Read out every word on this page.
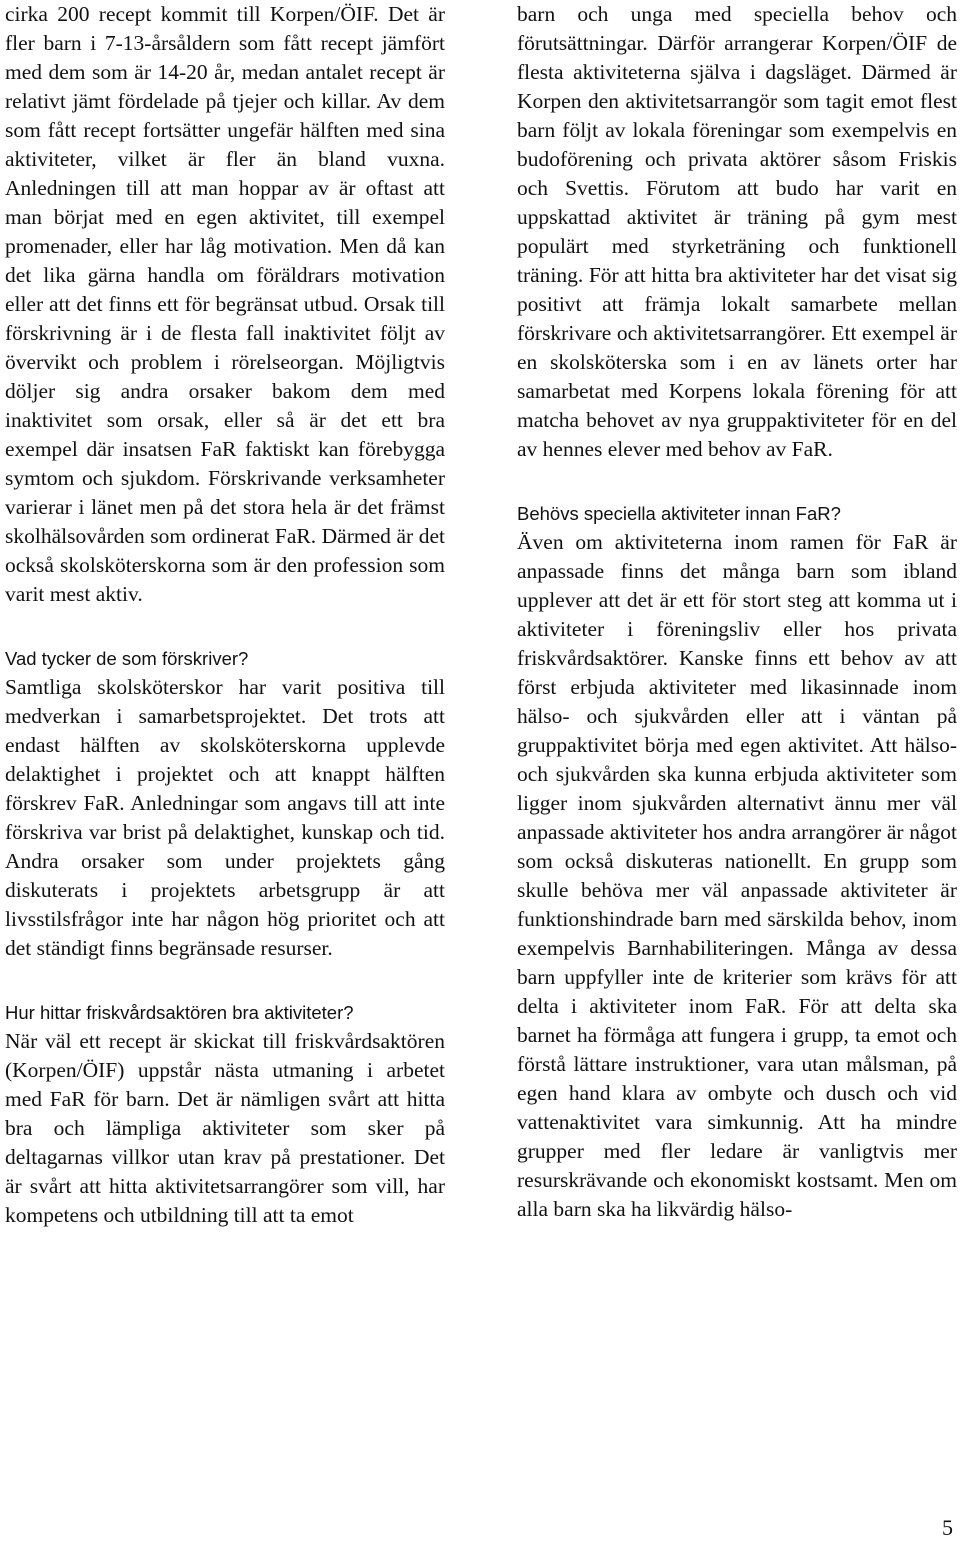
cirka 200 recept kommit till Korpen/ÖIF. Det är fler barn i 7-13-årsåldern som fått recept jämfört med dem som är 14-20 år, medan antalet recept är relativt jämt fördelade på tjejer och killar. Av dem som fått recept fortsätter ungefär hälften med sina aktiviteter, vilket är fler än bland vuxna. Anledningen till att man hoppar av är oftast att man börjat med en egen aktivitet, till exempel promenader, eller har låg motivation. Men då kan det lika gärna handla om föräldrars motivation eller att det finns ett för begränsat utbud. Orsak till förskrivning är i de flesta fall inaktivitet följt av övervikt och problem i rörelseorgan. Möjligtvis döljer sig andra orsaker bakom dem med inaktivitet som orsak, eller så är det ett bra exempel där insatsen FaR faktiskt kan förebygga symtom och sjukdom. Förskrivande verksamheter varierar i länet men på det stora hela är det främst skolhälsovården som ordinerat FaR. Därmed är det också skolsköterskorna som är den profession som varit mest aktiv.

Vad tycker de som förskriver?

Samtliga skolsköterskor har varit positiva till medverkan i samarbetsprojektet. Det trots att endast hälften av skolsköterskorna upplevde delaktighet i projektet och att knappt hälften förskrev FaR. Anledningar som angavs till att inte förskriva var brist på delaktighet, kunskap och tid. Andra orsaker som under projektets gång diskuterats i projektets arbetsgrupp är att livsstilsfrågor inte har någon hög prioritet och att det ständigt finns begränsade resurser.

Hur hittar friskvårdsaktören bra aktiviteter?

När väl ett recept är skickat till friskvårdsaktören (Korpen/ÖIF) uppstår nästa utmaning i arbetet med FaR för barn. Det är nämligen svårt att hitta bra och lämpliga aktiviteter som sker på deltagarnas villkor utan krav på prestationer. Det är svårt att hitta aktivitetsarrangörer som vill, har kompetens och utbildning till att ta emot

barn och unga med speciella behov och förutsättningar. Därför arrangerar Korpen/ÖIF de flesta aktiviteterna själva i dagsläget. Därmed är Korpen den aktivitetsarrangör som tagit emot flest barn följt av lokala föreningar som exempelvis en budoförening och privata aktörer såsom Friskis och Svettis. Förutom att budo har varit en uppskattad aktivitet är träning på gym mest populärt med styrketräning och funktionell träning. För att hitta bra aktiviteter har det visat sig positivt att främja lokalt samarbete mellan förskrivare och aktivitetsarrangörer. Ett exempel är en skolsköterska som i en av länets orter har samarbetat med Korpens lokala förening för att matcha behovet av nya gruppaktiviteter för en del av hennes elever med behov av FaR.

Behövs speciella aktiviteter innan FaR?

Även om aktiviteterna inom ramen för FaR är anpassade finns det många barn som ibland upplever att det är ett för stort steg att komma ut i aktiviteter i föreningsliv eller hos privata friskvårdsaktörer. Kanske finns ett behov av att först erbjuda aktiviteter med likasinnade inom hälso- och sjukvården eller att i väntan på gruppaktivitet börja med egen aktivitet. Att hälso- och sjukvården ska kunna erbjuda aktiviteter som ligger inom sjukvården alternativt ännu mer väl anpassade aktiviteter hos andra arrangörer är något som också diskuteras nationellt. En grupp som skulle behöva mer väl anpassade aktiviteter är funktionshindrade barn med särskilda behov, inom exempelvis Barnhabiliteringen. Många av dessa barn uppfyller inte de kriterier som krävs för att delta i aktiviteter inom FaR. För att delta ska barnet ha förmåga att fungera i grupp, ta emot och förstå lättare instruktioner, vara utan målsman, på egen hand klara av ombyte och dusch och vid vattenaktivitet vara simkunnig. Att ha mindre grupper med fler ledare är vanligtvis mer resurskrävande och ekonomiskt kostsamt. Men om alla barn ska ha likvärdig hälso-

5
